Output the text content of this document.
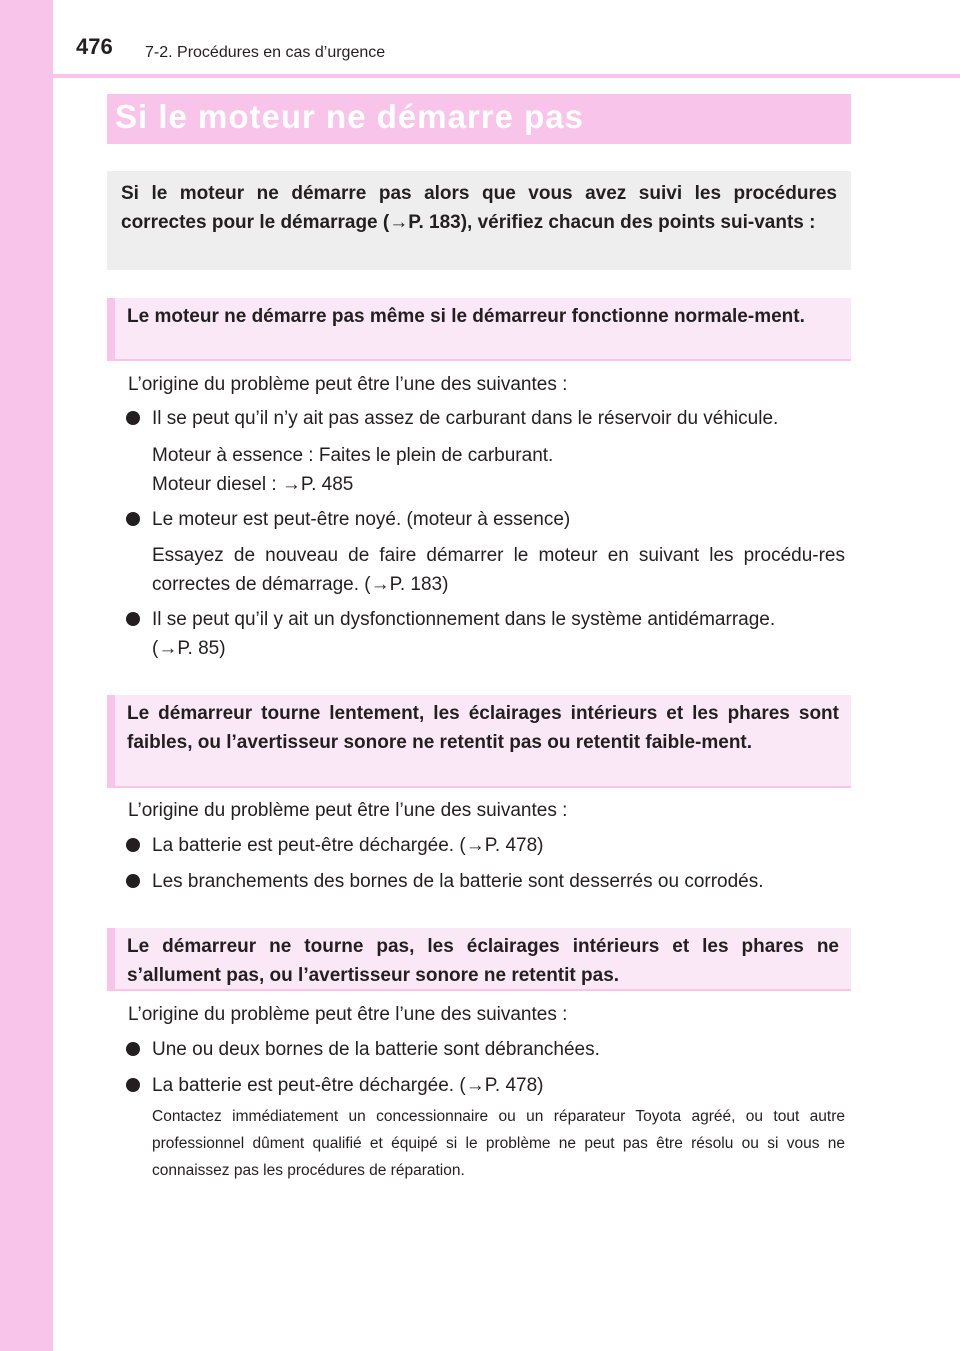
476 7-2. Procédures en cas d’urgence
Si le moteur ne démarre pas

Si le moteur ne démarre pas alors que vous avez suivi les procédures correctes pour le démarrage (→P. 183), vérifiez chacun des points sui-vants :

Le moteur ne démarre pas même si le démarreur fonctionne normale-ment.

L’origine du problème peut être l’une des suivantes :
Il se peut qu’il n’y ait pas assez de carburant dans le réservoir du véhicule.
Moteur à essence : Faites le plein de carburant.
Moteur diesel : →P. 485
Le moteur est peut-être noyé. (moteur à essence)
Essayez de nouveau de faire démarrer le moteur en suivant les procédu-res correctes de démarrage. (→P. 183)
Il se peut qu’il y ait un dysfonctionnement dans le système antidémarrage.
(→P. 85)

Le démarreur tourne lentement, les éclairages intérieurs et les phares sont faibles, ou l’avertisseur sonore ne retentit pas ou retentit faible-ment.

L’origine du problème peut être l’une des suivantes :
La batterie est peut-être déchargée. (→P. 478)
Les branchements des bornes de la batterie sont desserrés ou corrodés.

Le démarreur ne tourne pas, les éclairages intérieurs et les phares ne s’allument pas, ou l’avertisseur sonore ne retentit pas.

L’origine du problème peut être l’une des suivantes :
Une ou deux bornes de la batterie sont débranchées.
La batterie est peut-être déchargée. (→P. 478)
Contactez immédiatement un concessionnaire ou un réparateur Toyota agréé, ou tout autre professionnel dûment qualifié et équipé si le problème ne peut pas être résolu ou si vous ne connaissez pas les procédures de réparation.
